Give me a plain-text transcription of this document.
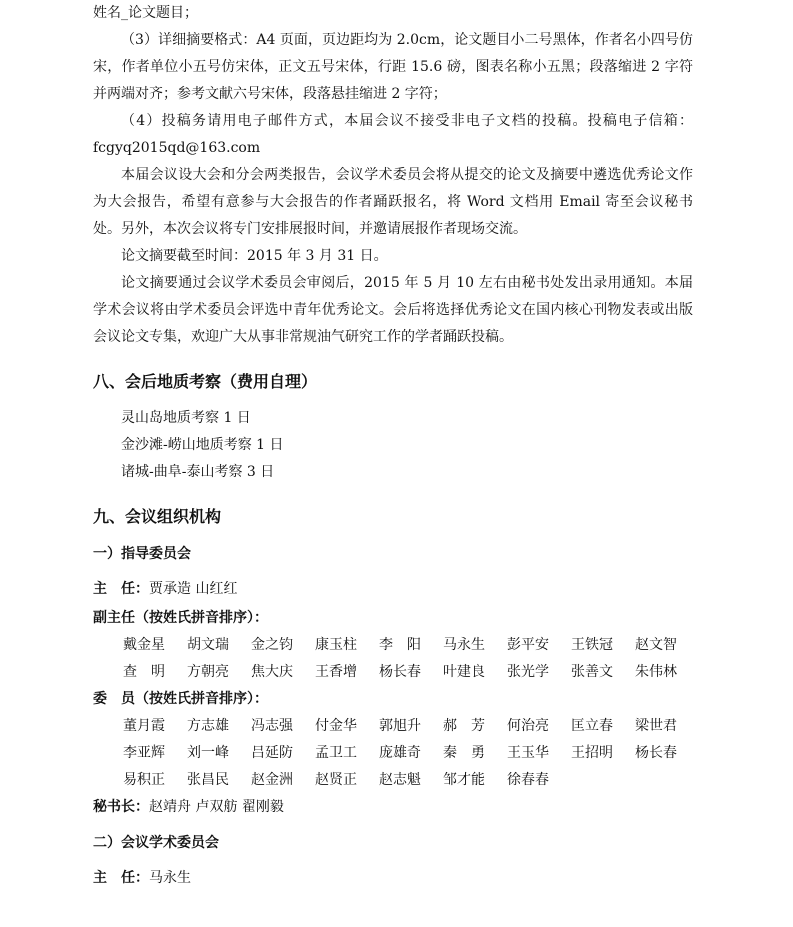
姓名_论文题目；
（3）详细摘要格式：A4 页面，页边距均为 2.0cm，论文题目小二号黑体，作者名小四号仿宋，作者单位小五号仿宋体，正文五号宋体，行距 15.6 磅，图表名称小五黑；段落缩进 2 字符并两端对齐；参考文献六号宋体，段落悬挂缩进 2 字符；
（4）投稿务请用电子邮件方式，本届会议不接受非电子文档的投稿。投稿电子信箱：fcgyq2015qd@163.com
本届会议设大会和分会两类报告，会议学术委员会将从提交的论文及摘要中遴选优秀论文作为大会报告，希望有意参与大会报告的作者踊跃报名，将 Word 文档用 Email 寄至会议秘书处。另外，本次会议将专门安排展报时间，并邀请展报作者现场交流。
论文摘要截至时间：2015 年 3 月 31 日。
论文摘要通过会议学术委员会审阅后，2015 年 5 月 10 左右由秘书处发出录用通知。本届学术会议将由学术委员会评选中青年优秀论文。会后将选择优秀论文在国内核心刊物发表或出版会议论文专集，欢迎广大从事非常规油气研究工作的学者踊跃投稿。
八、会后地质考察（费用自理）
灵山岛地质考察 1 日
金沙滩-崂山地质考察 1 日
诸城-曲阜-泰山考察 3 日
九、会议组织机构
一）指导委员会
主　任：贾承造 山红红
副主任（按姓氏拼音排序）：
戴金星	胡文瑞	金之钧	康玉柱	李　阳	马永生	彭平安	王铁冠	赵文智
查　明	方朝亮	焦大庆	王香增	杨长春	叶建良	张光学	张善文	朱伟林
委　员（按姓氏拼音排序）：
董月霞	方志雄	冯志强	付金华	郭旭升	郝　芳	何治亮	匡立春	梁世君
李亚辉	刘一峰	吕延防	孟卫工	庞雄奇	秦　勇	王玉华	王招明	杨长春
易积正	张昌民	赵金洲	赵贤正	赵志魁	邹才能	徐春春
秘书长：赵靖舟 卢双舫 翟刚毅
二）会议学术委员会
主　任：马永生
